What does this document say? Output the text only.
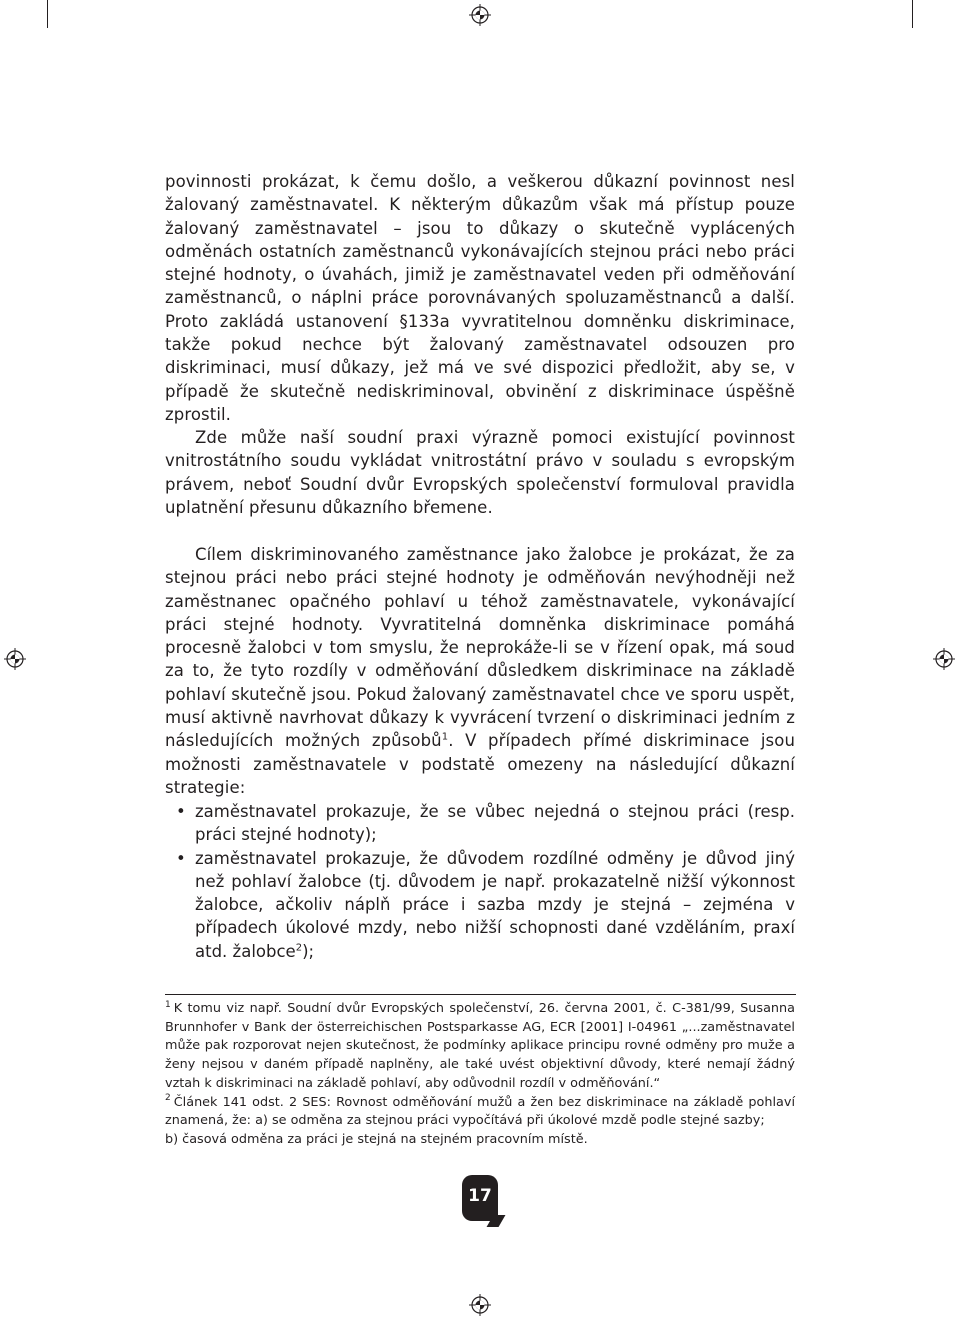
povinnosti prokázat, k čemu došlo, a veškerou důkazní povinnost nesl žalovaný zaměstnavatel. K některým důkazům však má přístup pouze žalovaný zaměstnavatel – jsou to důkazy o skutečně vyplácených odměnách ostatních zaměstnanců vykonávajících stejnou práci nebo práci stejné hodnoty, o úvahách, jimiž je zaměstnavatel veden při odměňování zaměstnanců, o náplni práce porovnávaných spoluzaměstnanců a další. Proto zakládá ustanovení §133a vyvratitelnou domněnku diskriminace, takže pokud nechce být žalovaný zaměstnavatel odsouzen pro diskriminaci, musí důkazy, jež má ve své dispozici předložit, aby se, v případě že skutečně nediskriminoval, obvinění z diskriminace úspěšně zprostil.

Zde může naší soudní praxi výrazně pomoci existující povinnost vnitrostátního soudu vykládat vnitrostátní právo v souladu s evropským právem, neboť Soudní dvůr Evropských společenství formuloval pravidla uplatnění přesunu důkazního břemene.

Cílem diskriminovaného zaměstnance jako žalobce je prokázat, že za stejnou práci nebo práci stejné hodnoty je odměňován nevýhodněji než zaměstnanec opačného pohlaví u téhož zaměstnavatele, vykonávající práci stejné hodnoty. Vyvratitelná domněnka diskriminace pomáhá procesně žalobci v tom smyslu, že neprokáže-li se v řízení opak, má soud za to, že tyto rozdíly v odměňování důsledkem diskriminace na základě pohlaví skutečně jsou. Pokud žalovaný zaměstnavatel chce ve sporu uspět, musí aktivně navrhovat důkazy k vyvrácení tvrzení o diskriminaci jedním z následujících možných způsobů$^1$. V případech přímé diskriminace jsou možnosti zaměstnavatele v podstatě omezeny na následující důkazní strategie:

• zaměstnavatel prokazuje, že se vůbec nejedná o stejnou práci (resp. práci stejné hodnoty);
• zaměstnavatel prokazuje, že důvodem rozdílné odměny je důvod jiný než pohlaví žalobce (tj. důvodem je např. prokazatelně nižší výkonnost žalobce, ačkoliv náplň práce i sazba mzdy je stejná – zejména v případech úkolové mzdy, nebo nižší schopnosti dané vzděláním, praxí atd. žalobce$^2$);

$^1$ K tomu viz např. Soudní dvůr Evropských společenství, 26. června 2001, č. C-381/99, Susanna Brunnhofer v Bank der österreichischen Postsparkasse AG, ECR [2001] I-04961 „...zaměstnavatel může pak rozporovat nejen skutečnost, že podmínky aplikace principu rovné odměny pro muže a ženy nejsou v daném případě naplněny, ale také uvést objektivní důvody, které nemají žádný vztah k diskriminaci na základě pohlaví, aby odůvodnil rozdíl v odměňování.“

$^2$ Článek 141 odst. 2 SES: Rovnost odměňování mužů a žen bez diskriminace na základě pohlaví znamená, že: a) se odměna za stejnou práci vypočítává při úkolové mzdě podle stejné sazby;

b) časová odměna za práci je stejná na stejném pracovním místě.

17
